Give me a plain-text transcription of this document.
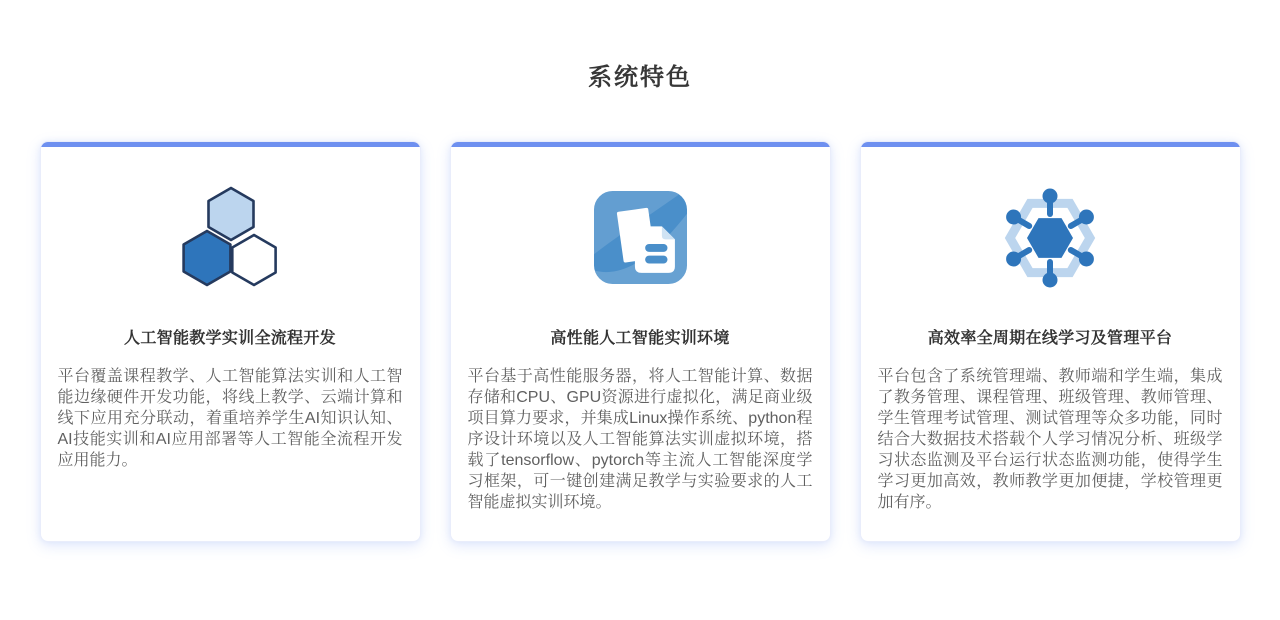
系统特色
人工智能教学实训全流程开发
平台覆盖课程教学、人工智能算法实训和人工智能边缘硬件开发功能，将线上教学、云端计算和线下应用充分联动，着重培养学生AI知识认知、AI技能实训和AI应用部署等人工智能全流程开发应用能力。
高性能人工智能实训环境
平台基于高性能服务器，将人工智能计算、数据存储和CPU、GPU资源进行虚拟化，满足商业级项目算力要求，并集成Linux操作系统、python程序设计环境以及人工智能算法实训虚拟环境，搭载了tensorflow、pytorch等主流人工智能深度学习框架，可一键创建满足教学与实验要求的人工智能虚拟实训环境。
高效率全周期在线学习及管理平台
平台包含了系统管理端、教师端和学生端，集成了教务管理、课程管理、班级管理、教师管理、学生管理考试管理、测试管理等众多功能，同时结合大数据技术搭载个人学习情况分析、班级学习状态监测及平台运行状态监测功能，使得学生学习更加高效，教师教学更加便捷，学校管理更加有序。
